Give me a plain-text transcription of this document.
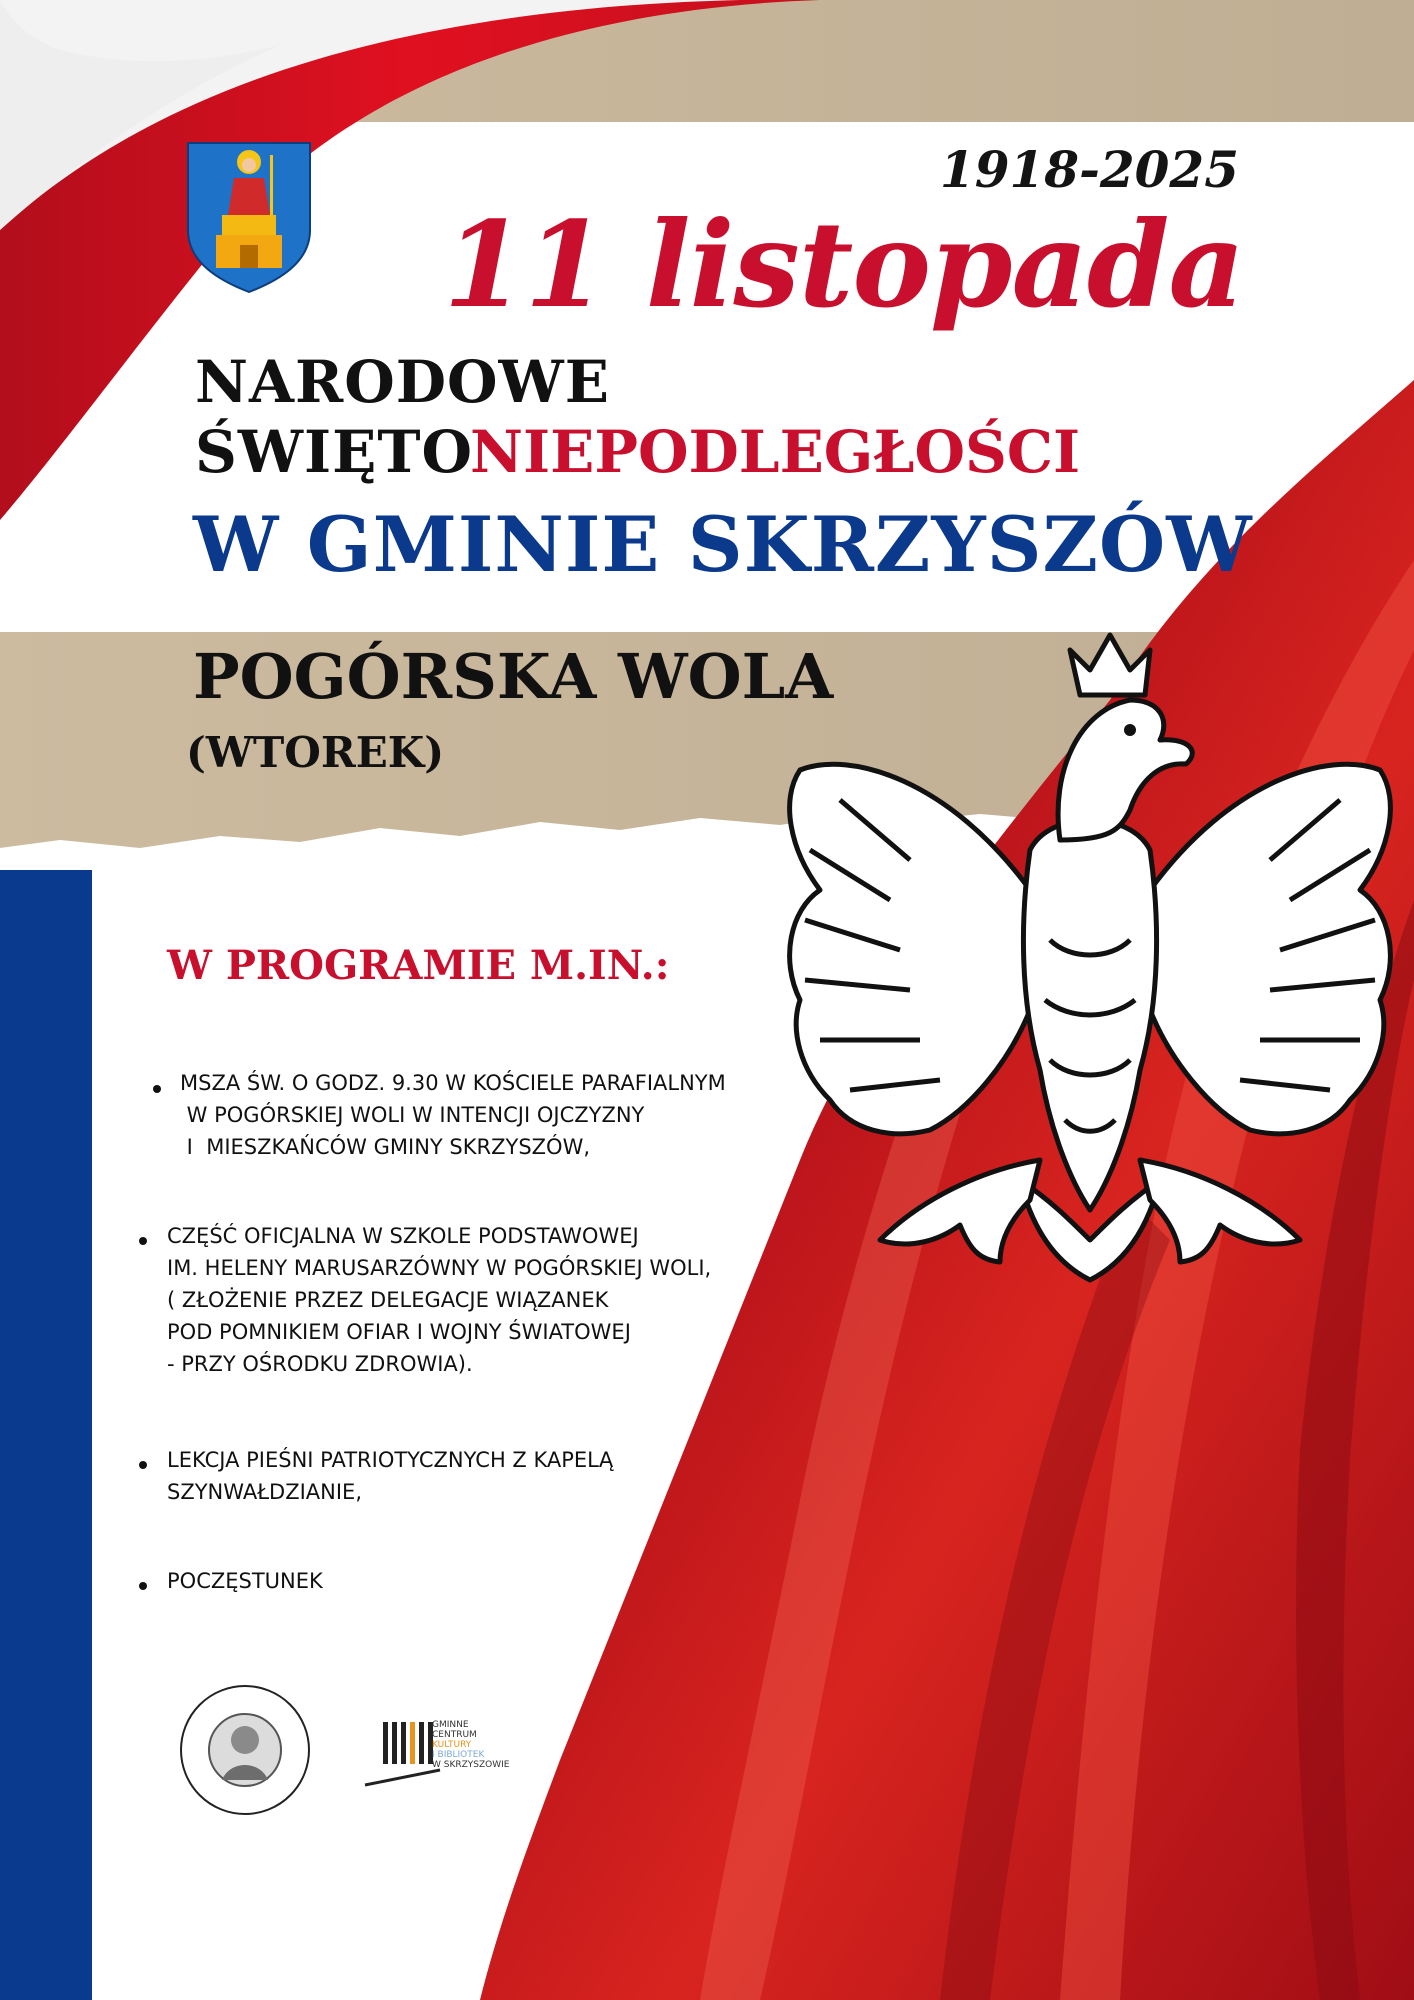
1918-2025
11 listopada
NARODOWE
ŚWIĘTO
NIEPODLEGŁOŚCI
W GMINIE SKRZYSZÓW
POGÓRSKA WOLA
(WTOREK)
W PROGRAMIE M.IN.:
MSZA ŚW. O GODZ. 9.30 W KOŚCIELE PARAFIALNYM
W POGÓRSKIEJ WOLI W INTENCJI OJCZYZNY
I  MIESZKAŃCÓW GMINY SKRZYSZÓW,
CZĘŚĆ OFICJALNA W SZKOLE PODSTAWOWEJ
IM. HELENY MARUSARZÓWNY W POGÓRSKIEJ WOLI,
( ZŁOŻENIE PRZEZ DELEGACJE WIĄZANEK
POD POMNIKIEM OFIAR I WOJNY ŚWIATOWEJ
- PRZY OŚRODKU ZDROWIA).
LEKCJA PIEŚNI PATRIOTYCZNYCH Z KAPELĄ
SZYNWAŁDZIANIE,
POCZĘSTUNEK
GMINNE
CENTRUM
KULTURY
I BIBLIOTEK
W SKRZYSZOWIE
